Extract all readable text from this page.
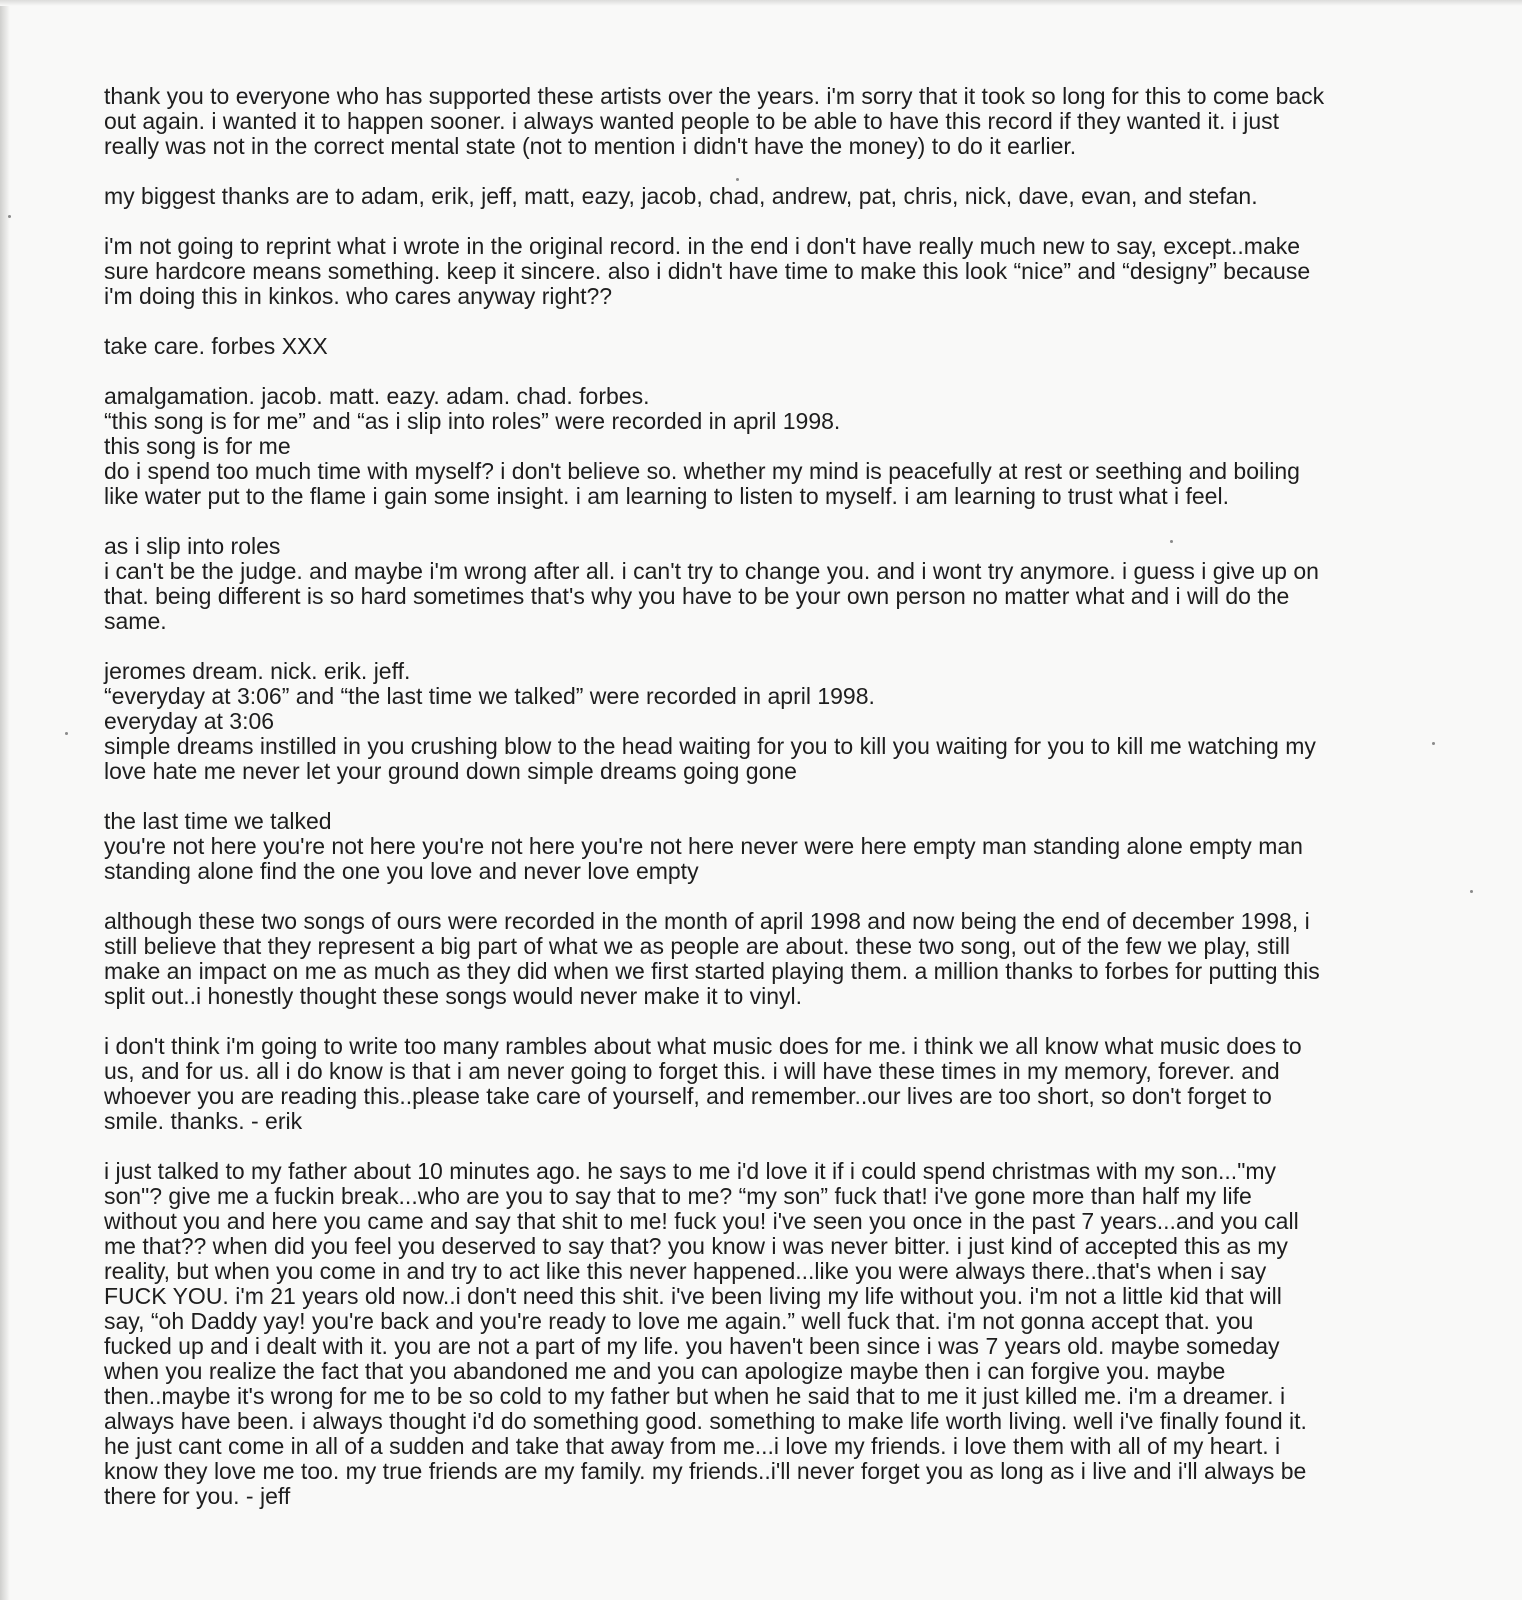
thank you to everyone who has supported these artists over the years. i'm sorry that it took so long for this to come back
out again. i wanted it to happen sooner. i always wanted people to be able to have this record if they wanted it. i just
really was not in the correct mental state (not to mention i didn't have the money) to do it earlier.

my biggest thanks are to adam, erik, jeff, matt, eazy, jacob, chad, andrew, pat, chris, nick, dave, evan, and stefan.

i'm not going to reprint what i wrote in the original record. in the end i don't have really much new to say, except..make
sure hardcore means something. keep it sincere. also i didn't have time to make this look “nice” and “designy” because
i'm doing this in kinkos. who cares anyway right??

take care. forbes XXX

amalgamation. jacob. matt. eazy. adam. chad. forbes.
“this song is for me” and “as i slip into roles” were recorded in april 1998.
this song is for me
do i spend too much time with myself? i don't believe so. whether my mind is peacefully at rest or seething and boiling
like water put to the flame i gain some insight. i am learning to listen to myself. i am learning to trust what i feel.

as i slip into roles
i can't be the judge. and maybe i'm wrong after all. i can't try to change you. and i wont try anymore. i guess i give up on
that. being different is so hard sometimes that's why you have to be your own person no matter what and i will do the
same.

jeromes dream. nick. erik. jeff.
“everyday at 3:06” and “the last time we talked” were recorded in april 1998.
everyday at 3:06
simple dreams instilled in you crushing blow to the head waiting for you to kill you waiting for you to kill me watching my
love hate me never let your ground down simple dreams going gone

the last time we talked
you're not here you're not here you're not here you're not here never were here empty man standing alone empty man
standing alone find the one you love and never love empty

although these two songs of ours were recorded in the month of april 1998 and now being the end of december 1998, i
still believe that they represent a big part of what we as people are about. these two song, out of the few we play, still
make an impact on me as much as they did when we first started playing them. a million thanks to forbes for putting this
split out..i honestly thought these songs would never make it to vinyl.

i don't think i'm going to write too many rambles about what music does for me. i think we all know what music does to
us, and for us. all i do know is that i am never going to forget this. i will have these times in my memory, forever. and
whoever you are reading this..please take care of yourself, and remember..our lives are too short, so don't forget to
smile. thanks. - erik

i just talked to my father about 10 minutes ago. he says to me i'd love it if i could spend christmas with my son..."my
son"? give me a fuckin break...who are you to say that to me? “my son” fuck that! i've gone more than half my life
without you and here you came and say that shit to me! fuck you! i've seen you once in the past 7 years...and you call
me that?? when did you feel you deserved to say that? you know i was never bitter. i just kind of accepted this as my
reality, but when you come in and try to act like this never happened...like you were always there..that's when i say
FUCK YOU. i'm 21 years old now..i don't need this shit. i've been living my life without you. i'm not a little kid that will
say, “oh Daddy yay! you're back and you're ready to love me again.” well fuck that. i'm not gonna accept that. you
fucked up and i dealt with it. you are not a part of my life. you haven't been since i was 7 years old. maybe someday
when you realize the fact that you abandoned me and you can apologize maybe then i can forgive you. maybe
then..maybe it's wrong for me to be so cold to my father but when he said that to me it just killed me. i'm a dreamer. i
always have been. i always thought i'd do something good. something to make life worth living. well i've finally found it.
he just cant come in all of a sudden and take that away from me...i love my friends. i love them with all of my heart. i
know they love me too. my true friends are my family. my friends..i'll never forget you as long as i live and i'll always be
there for you. - jeff
